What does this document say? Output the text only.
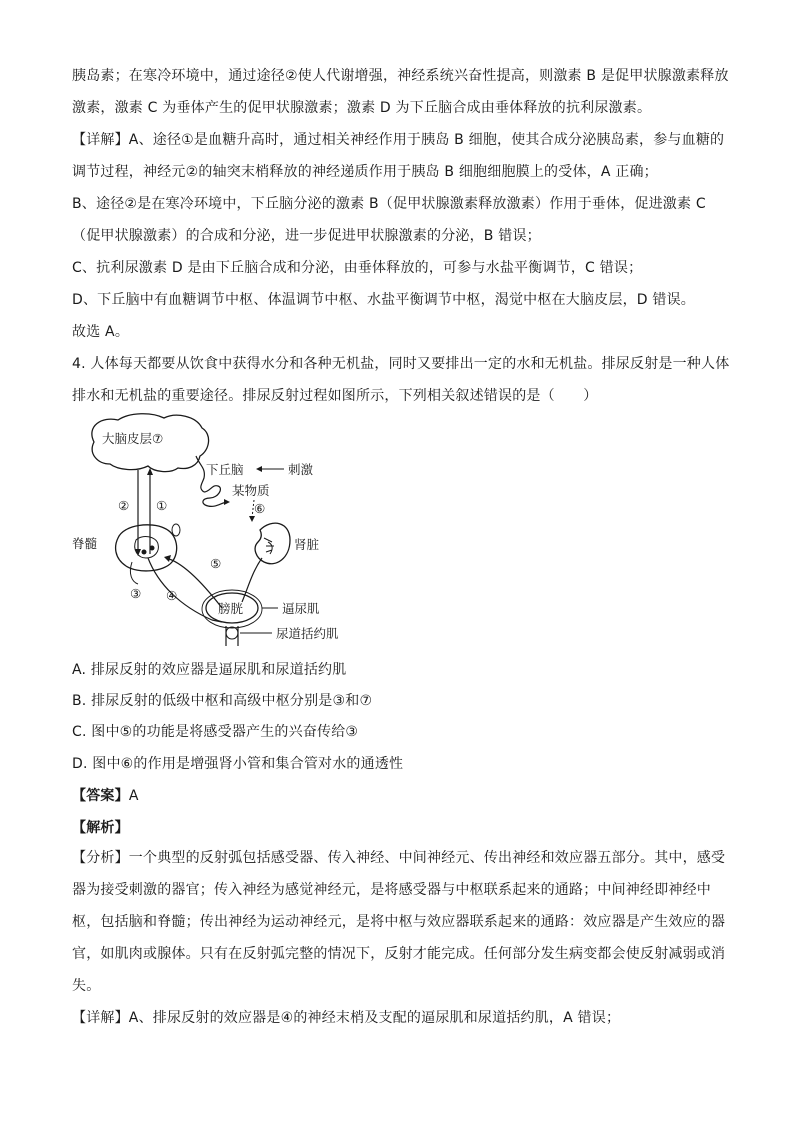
胰岛素；在寒冷环境中，通过途径②使人代谢增强，神经系统兴奋性提高，则激素 B 是促甲状腺激素释放
激素，激素 C 为垂体产生的促甲状腺激素；激素 D 为下丘脑合成由垂体释放的抗利尿激素。
【详解】A、途径①是血糖升高时，通过相关神经作用于胰岛 B 细胞，使其合成分泌胰岛素，参与血糖的
调节过程，神经元②的轴突末梢释放的神经递质作用于胰岛 B 细胞细胞膜上的受体，A 正确；
B、途径②是在寒冷环境中，下丘脑分泌的激素 B（促甲状腺激素释放激素）作用于垂体，促进激素 C
（促甲状腺激素）的合成和分泌，进一步促进甲状腺激素的分泌，B 错误；
C、抗利尿激素 D 是由下丘脑合成和分泌，由垂体释放的，可参与水盐平衡调节，C 错误；
D、下丘脑中有血糖调节中枢、体温调节中枢、水盐平衡调节中枢，渴觉中枢在大脑皮层，D 错误。
故选 A。
4. 人体每天都要从饮食中获得水分和各种无机盐，同时又要排出一定的水和无机盐。排尿反射是一种人体
排水和无机盐的重要途径。排尿反射过程如图所示，下列相关叙述错误的是（　　）
大脑皮层⑦
下丘脑	刺激
某物质
⑥
肾脏
② ①
脊髓
③ ④
⑤
膀胱	逼尿肌
尿道括约肌
A. 排尿反射的效应器是逼尿肌和尿道括约肌
B. 排尿反射的低级中枢和高级中枢分别是③和⑦
C. 图中⑤的功能是将感受器产生的兴奋传给③
D. 图中⑥的作用是增强肾小管和集合管对水的通透性
【答案】A
【解析】
【分析】一个典型的反射弧包括感受器、传入神经、中间神经元、传出神经和效应器五部分。其中，感受
器为接受刺激的器官；传入神经为感觉神经元，是将感受器与中枢联系起来的通路；中间神经即神经中
枢，包括脑和脊髓；传出神经为运动神经元，是将中枢与效应器联系起来的通路：效应器是产生效应的器
官，如肌肉或腺体。只有在反射弧完整的情况下，反射才能完成。任何部分发生病变都会使反射减弱或消
失。
【详解】A、排尿反射的效应器是④的神经末梢及支配的逼尿肌和尿道括约肌，A 错误；
